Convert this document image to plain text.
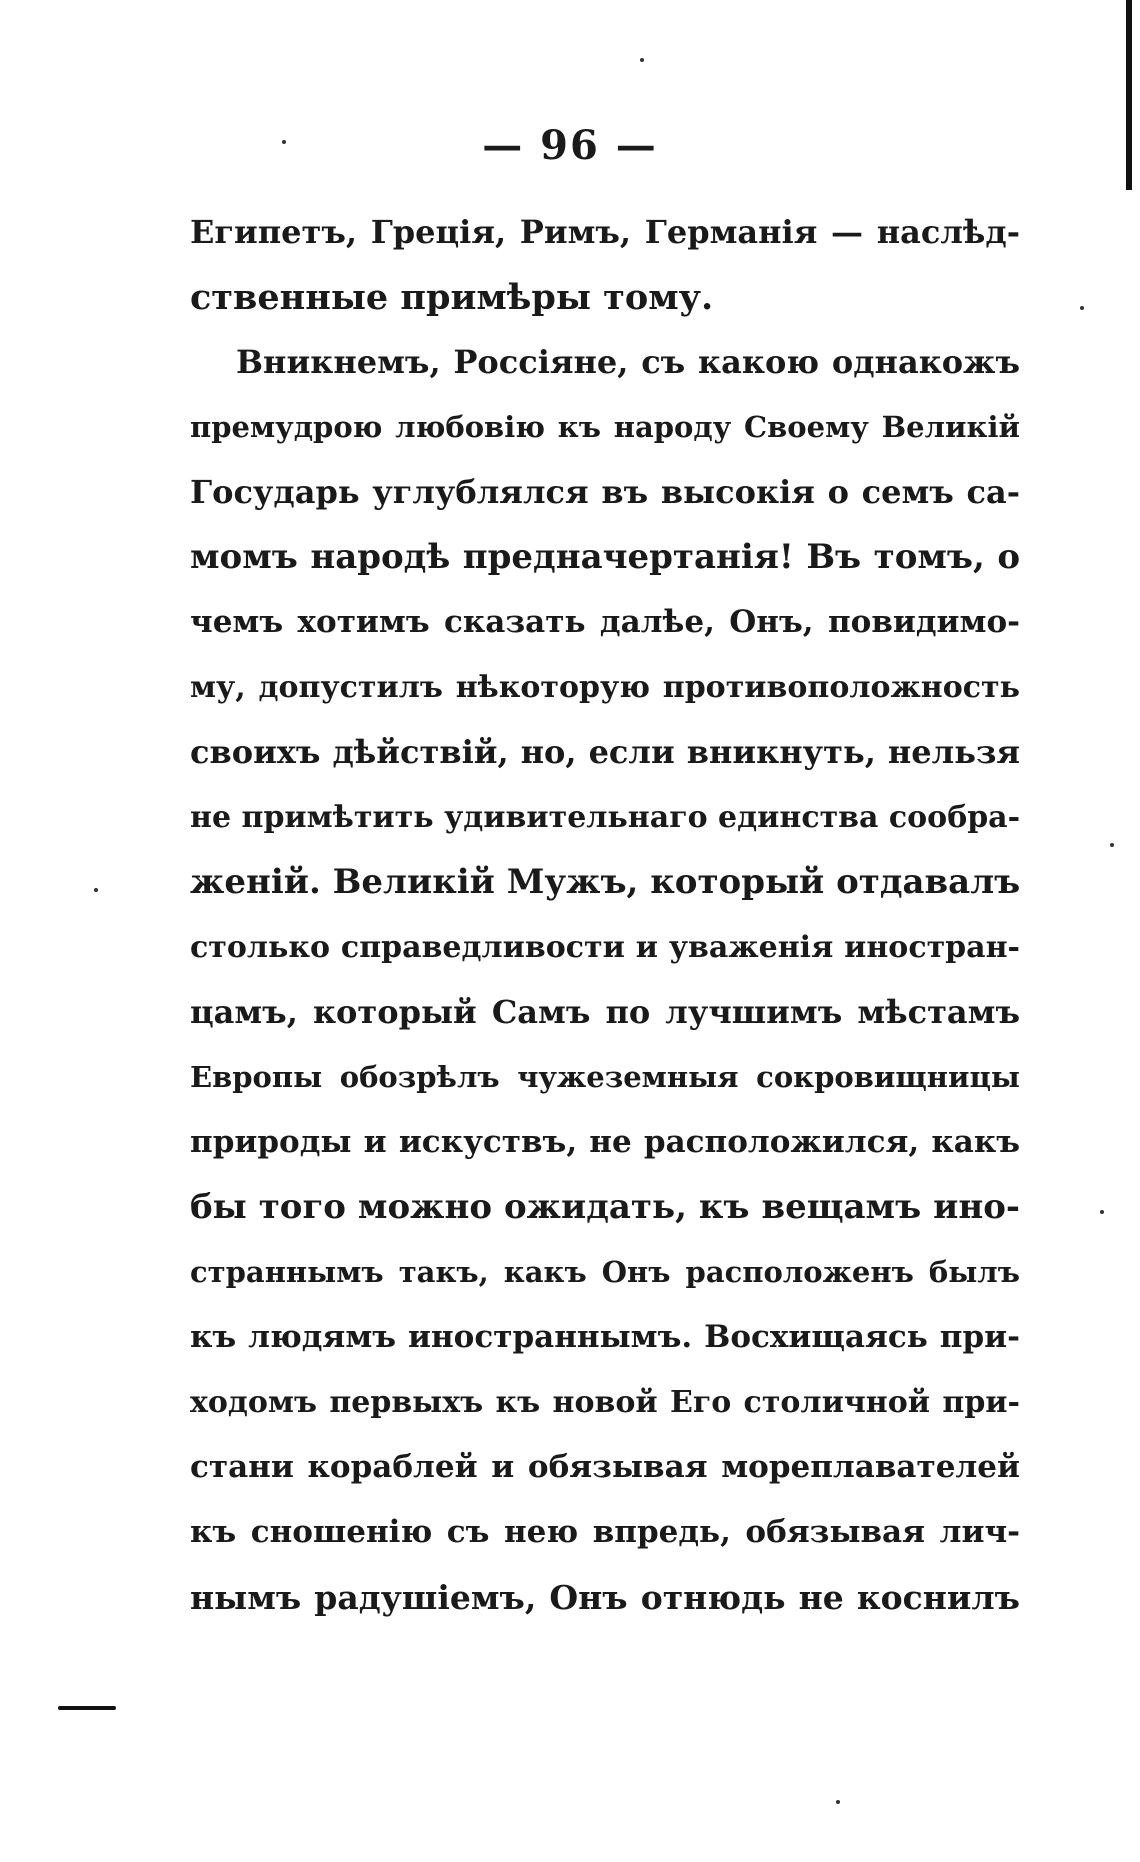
— 96 —
Египетъ, Греція, Римъ, Германія — наслѣд-
ственные примѣры тому.
Вникнемъ, Россіяне, съ какою однакожъ
премудрою любовію къ народу Своему Великій
Государь углублялся въ высокія о семъ са-
момъ народѣ предначертанія! Въ томъ, о
чемъ хотимъ сказать далѣе, Онъ, повидимо-
му, допустилъ нѣкоторую противоположность
своихъ дѣйствій, но, если вникнуть, нельзя
не примѣтить удивительнаго единства сообра-
женій. Великій Мужъ, который отдавалъ
столько справедливости и уваженія иностран-
цамъ, который Самъ по лучшимъ мѣстамъ
Европы обозрѣлъ чужеземныя сокровищницы
природы и искуствъ, не расположился, какъ
бы того можно ожидать, къ вещамъ ино-
страннымъ такъ, какъ Онъ расположенъ былъ
къ людямъ иностраннымъ. Восхищаясь при-
ходомъ первыхъ къ новой Его столичной при-
стани кораблей и обязывая мореплавателей
къ сношенію съ нею впредь, обязывая лич-
нымъ радушіемъ, Онъ отнюдь не коснилъ
